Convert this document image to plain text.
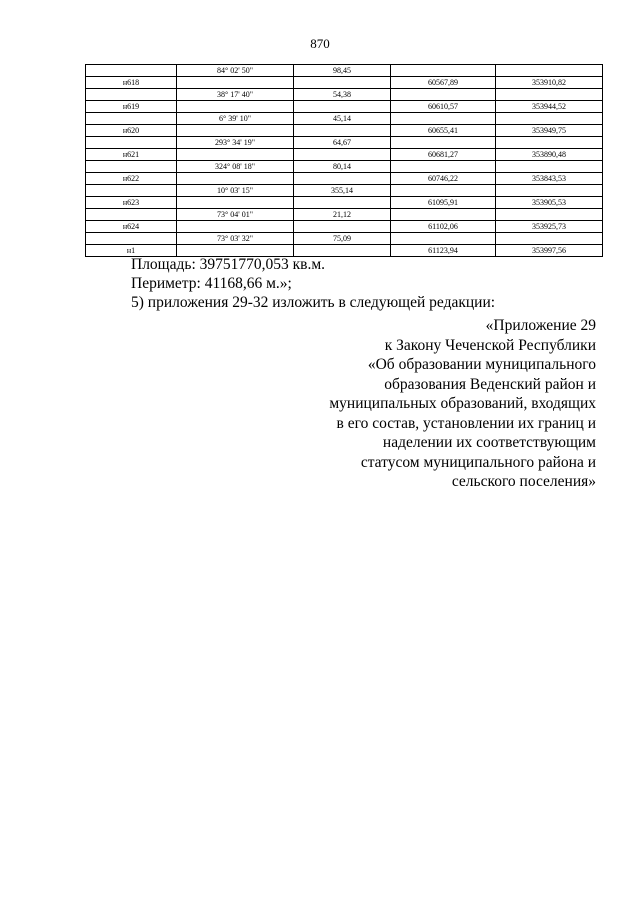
870
	84° 02' 50"	98,45		
н618			60567,89	353910,82
	38° 17' 40"	54,38		
н619			60610,57	353944,52
	6° 39' 10"	45,14		
н620			60655,41	353949,75
	293° 34' 19"	64,67		
н621			60681,27	353890,48
	324° 08' 18"	80,14		
н622			60746,22	353843,53
	10° 03' 15"	355,14		
н623			61095,91	353905,53
	73° 04' 01"	21,12		
н624			61102,06	353925,73
	73° 03' 32"	75,09		
н1			61123,94	353997,56
Площадь: 39751770,053 кв.м.
Периметр: 41168,66 м.»;
5) приложения 29-32 изложить в следующей редакции:
«Приложение 29
к Закону Чеченской Республики
«Об образовании муниципального
образования Веденский район и
муниципальных образований, входящих
в его состав, установлении их границ и
наделении их соответствующим
статусом муниципального района и
сельского поселения»
